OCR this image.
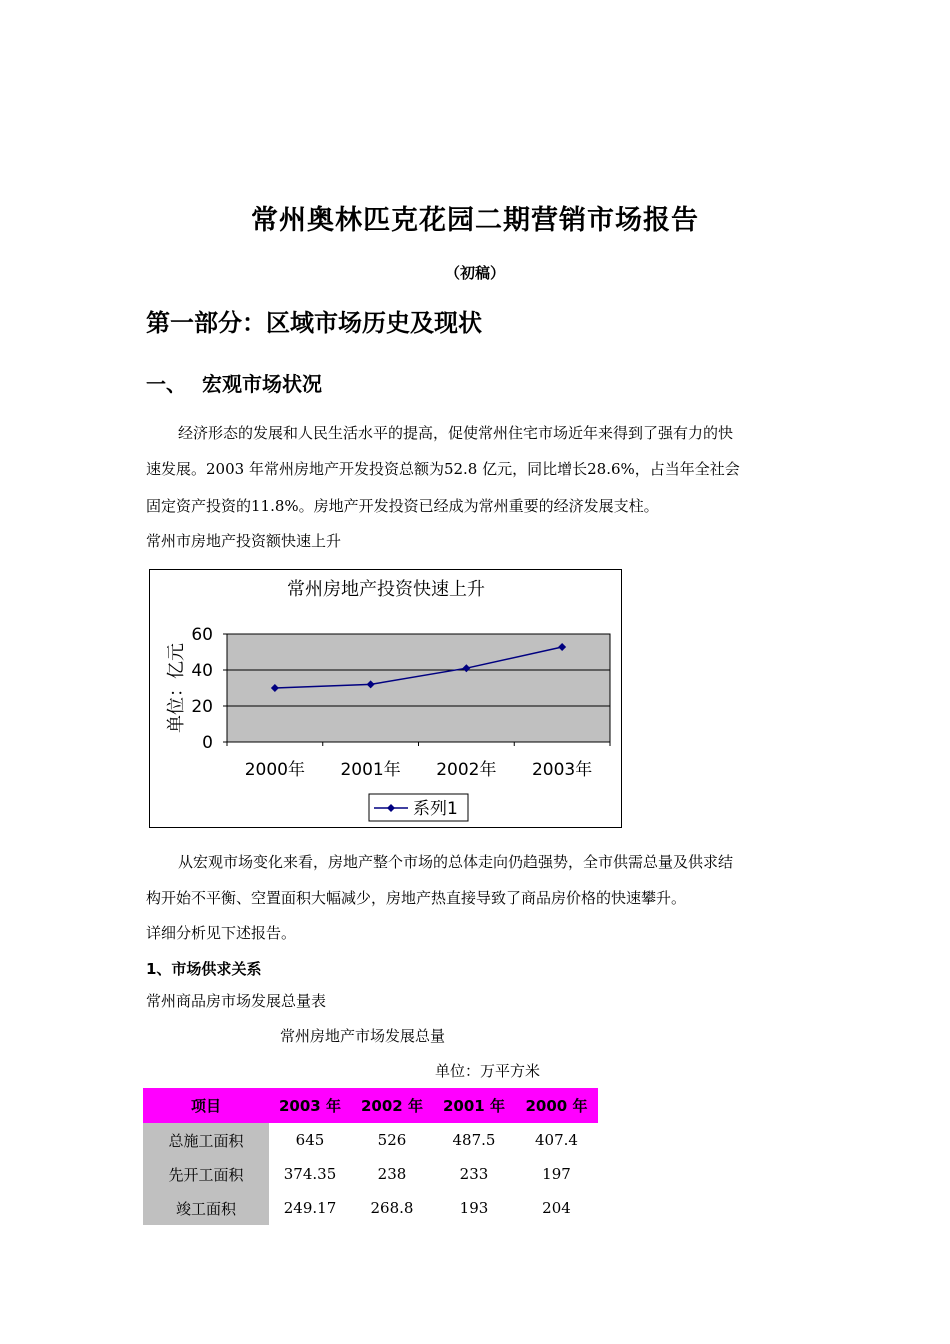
常州奥林匹克花园二期营销市场报告
（初稿）
第一部分：区域市场历史及现状
一、 宏观市场状况
经济形态的发展和人民生活水平的提高，促使常州住宅市场近年来得到了强有力的快
速发展。2003 年常州房地产开发投资总额为52.8 亿元，同比增长28.6%，占当年全社会
固定资产投资的11.8%。房地产开发投资已经成为常州重要的经济发展支柱。
常州市房地产投资额快速上升
常州房地产投资快速上升
0
20
40
60
2000年 2001年 2002年 2003年
单位：亿元
系列1
从宏观市场变化来看，房地产整个市场的总体走向仍趋强势，全市供需总量及供求结
构开始不平衡、空置面积大幅减少，房地产热直接导致了商品房价格的快速攀升。
详细分析见下述报告。
1、市场供求关系
常州商品房市场发展总量表
常州房地产市场发展总量
单位：万平方米
项目	2003 年	2002 年	2001 年	2000 年
总施工面积	645	526	487.5	407.4
先开工面积	374.35	238	233	197
竣工面积	249.17	268.8	193	204
